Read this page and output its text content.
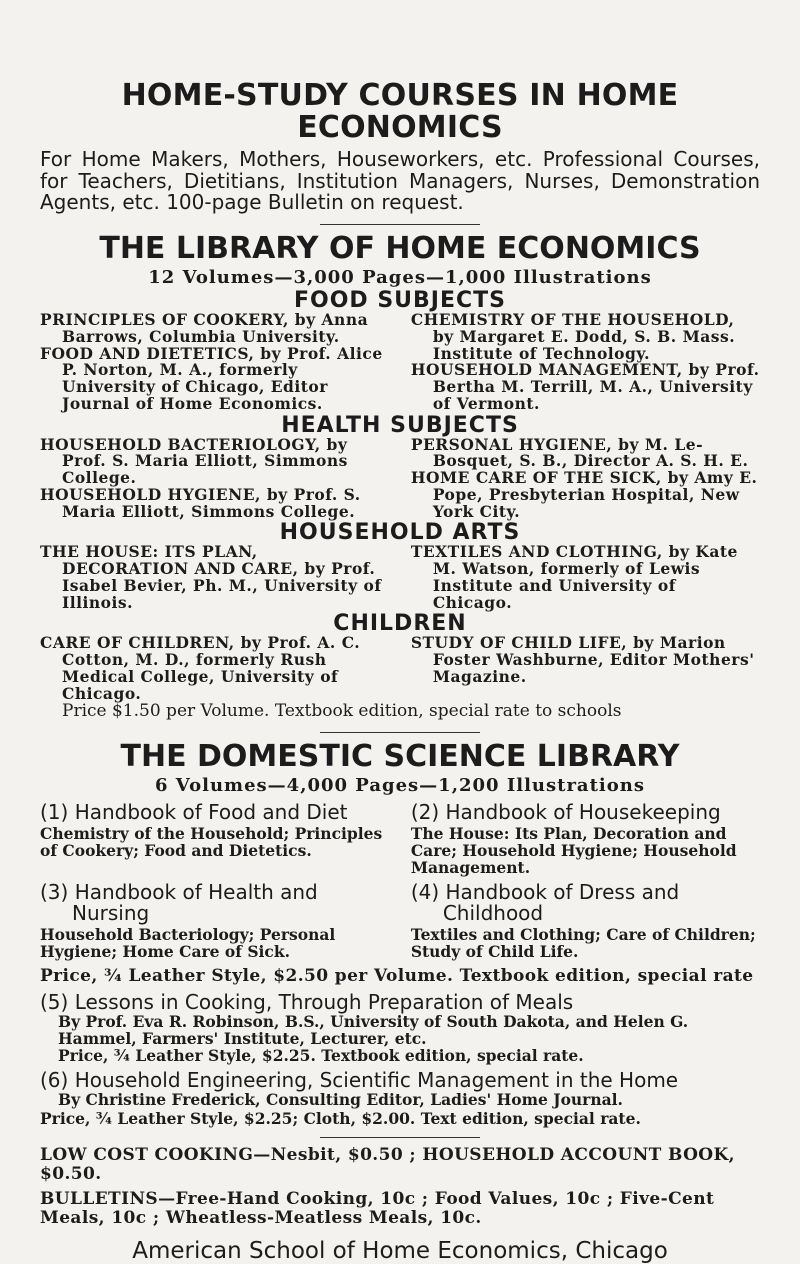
HOME-STUDY COURSES IN HOME ECONOMICS

For Home Makers, Mothers, Houseworkers, etc. Professional Courses, for Teachers, Dietitians, Institution Managers, Nurses, Demonstration Agents, etc. 100-page Bulletin on request.

THE LIBRARY OF HOME ECONOMICS

12 Volumes—3,000 Pages—1,000 Illustrations

FOOD SUBJECTS

PRINCIPLES OF COOKERY, by Anna Barrows, Columbia University.

FOOD AND DIETETICS, by Prof. Alice P. Norton, M. A., formerly University of Chicago, Editor Journal of Home Economics.

CHEMISTRY OF THE HOUSEHOLD, by Margaret E. Dodd, S. B. Mass. Institute of Technology.

HOUSEHOLD MANAGEMENT, by Prof. Bertha M. Terrill, M. A., University of Vermont.

HEALTH SUBJECTS

HOUSEHOLD BACTERIOLOGY, by Prof. S. Maria Elliott, Simmons College.

HOUSEHOLD HYGIENE, by Prof. S. Maria Elliott, Simmons College.

PERSONAL HYGIENE, by M. Le-Bosquet, S. B., Director A. S. H. E.

HOME CARE OF THE SICK, by Amy E. Pope, Presbyterian Hospital, New York City.

HOUSEHOLD ARTS

THE HOUSE: ITS PLAN, DECORATION AND CARE, by Prof. Isabel Bevier, Ph. M., University of Illinois.

TEXTILES AND CLOTHING, by Kate M. Watson, formerly of Lewis Institute and University of Chicago.

CHILDREN

CARE OF CHILDREN, by Prof. A. C. Cotton, M. D., formerly Rush Medical College, University of Chicago.

STUDY OF CHILD LIFE, by Marion Foster Washburne, Editor Mothers' Magazine.

Price $1.50 per Volume. Textbook edition, special rate to schools

THE DOMESTIC SCIENCE LIBRARY

6 Volumes—4,000 Pages—1,200 Illustrations

(1) Handbook of Food and Diet

Chemistry of the Household; Principles of Cookery; Food and Dietetics.

(2) Handbook of Housekeeping

The House: Its Plan, Decoration and Care; Household Hygiene; Household Management.

(3) Handbook of Health and Nursing

Household Bacteriology; Personal Hygiene; Home Care of Sick.

(4) Handbook of Dress and Childhood

Textiles and Clothing; Care of Children; Study of Child Life.

Price, ¾ Leather Style, $2.50 per Volume. Textbook edition, special rate

(5) Lessons in Cooking, Through Preparation of Meals

By Prof. Eva R. Robinson, B.S., University of South Dakota, and Helen G. Hammel, Farmers' Institute, Lecturer, etc.

Price, ¾ Leather Style, $2.25. Textbook edition, special rate.

(6) Household Engineering, Scientific Management in the Home

By Christine Frederick, Consulting Editor, Ladies' Home Journal.

Price, ¾ Leather Style, $2.25; Cloth, $2.00. Text edition, special rate.

LOW COST COOKING—Nesbit, $0.50 ; HOUSEHOLD ACCOUNT BOOK, $0.50.

BULLETINS—Free-Hand Cooking, 10c ; Food Values, 10c ; Five-Cent Meals, 10c ; Wheatless-Meatless Meals, 10c.

American School of Home Economics, Chicago
